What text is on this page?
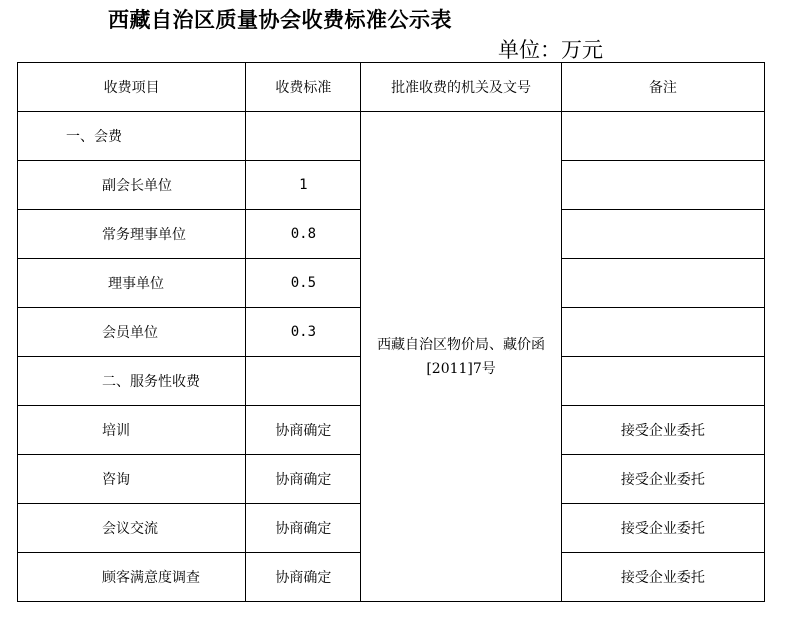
西藏自治区质量协会收费标准公示表
单位：万元
收费项目	收费标准	批准收费的机关及文号	备注
一、会费		西藏自治区物价局、藏价函[2011]7号	
副会长单位	1		
常务理事单位	0.8		
理事单位	0.5		
会员单位	0.3		
二、服务性收费			
培训	协商确定		接受企业委托
咨询	协商确定		接受企业委托
会议交流	协商确定		接受企业委托
顾客满意度调查	协商确定		接受企业委托
